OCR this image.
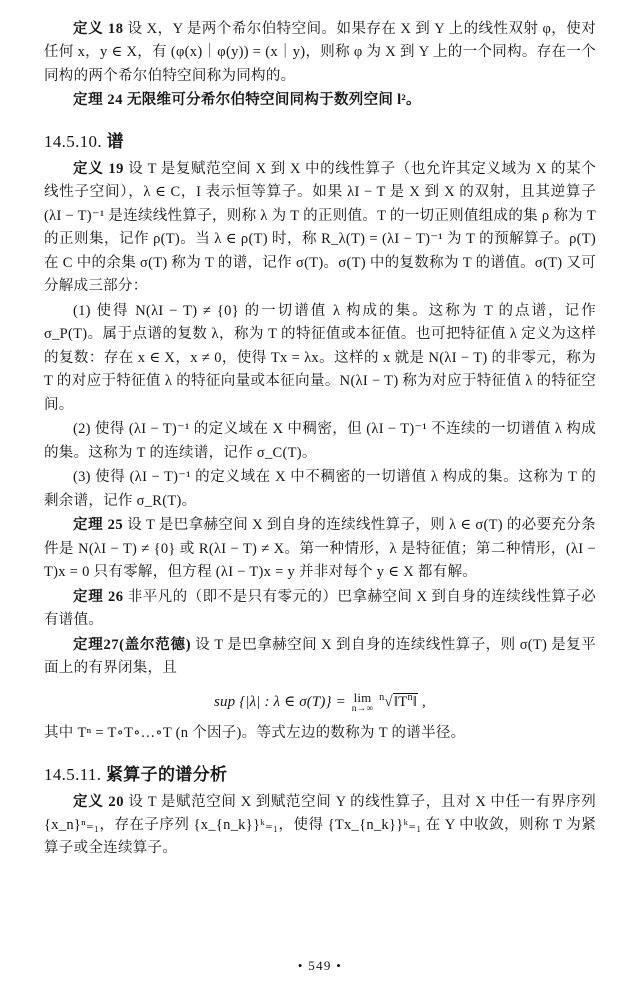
定义 18 设 X，Y 是两个希尔伯特空间。如果存在 X 到 Y 上的线性双射 φ，使对任何 x，y ∈ X，有 (φ(x)｜φ(y)) = (x｜y)，则称 φ 为 X 到 Y 上的一个同构。存在一个同构的两个希尔伯特空间称为同构的。

定理 24 无限维可分希尔伯特空间同构于数列空间 l²。

14.5.10. 谱

定义 19 设 T 是复赋范空间 X 到 X 中的线性算子（也允许其定义域为 X 的某个线性子空间），λ ∈ C，I 表示恒等算子。如果 λI − T 是 X 到 X 的双射，且其逆算子 (λI − T)⁻¹ 是连续线性算子，则称 λ 为 T 的正则值。T 的一切正则值组成的集 ρ 称为 T 的正则集，记作 ρ(T)。当 λ ∈ ρ(T) 时，称 R_λ(T) = (λI − T)⁻¹ 为 T 的预解算子。ρ(T) 在 C 中的余集 σ(T) 称为 T 的谱，记作 σ(T)。σ(T) 中的复数称为 T 的谱值。σ(T) 又可分解成三部分：

(1) 使得 N(λI − T) ≠ {0} 的一切谱值 λ 构成的集。这称为 T 的点谱，记作 σ_P(T)。属于点谱的复数 λ，称为 T 的特征值或本征值。也可把特征值 λ 定义为这样的复数：存在 x ∈ X，x ≠ 0，使得 Tx = λx。这样的 x 就是 N(λI − T) 的非零元，称为 T 的对应于特征值 λ 的特征向量或本征向量。N(λI − T) 称为对应于特征值 λ 的特征空间。

(2) 使得 (λI − T)⁻¹ 的定义域在 X 中稠密，但 (λI − T)⁻¹ 不连续的一切谱值 λ 构成的集。这称为 T 的连续谱，记作 σ_C(T)。

(3) 使得 (λI − T)⁻¹ 的定义域在 X 中不稠密的一切谱值 λ 构成的集。这称为 T 的剩余谱，记作 σ_R(T)。

定理 25 设 T 是巴拿赫空间 X 到自身的连续线性算子，则 λ ∈ σ(T) 的必要充分条件是 N(λI − T) ≠ {0} 或 R(λI − T) ≠ X。第一种情形，λ 是特征值；第二种情形，(λI − T)x = 0 只有零解，但方程 (λI − T)x = y 并非对每个 y ∈ X 都有解。

定理 26 非平凡的（即不是只有零元的）巴拿赫空间 X 到自身的连续线性算子必有谱值。

定理27(盖尔范德) 设 T 是巴拿赫空间 X 到自身的连续线性算子，则 σ(T) 是复平面上的有界闭集，且

sup {|λ| : λ ∈ σ(T)} = lim
n→∞
$^n√‖T^n‖$ ,

其中 Tⁿ = T∘T∘…∘T (n 个因子)。等式左边的数称为 T 的谱半径。

14.5.11. 紧算子的谱分析

定义 20 设 T 是赋范空间 X 到赋范空间 Y 的线性算子，且对 X 中任一有界序列 {x_n}ⁿ₌₁，存在子序列 {x_{n_k}}ᵏ₌₁，使得 {Tx_{n_k}}ᵏ₌₁ 在 Y 中收敛，则称 T 为紧算子或全连续算子。

• 549 •
